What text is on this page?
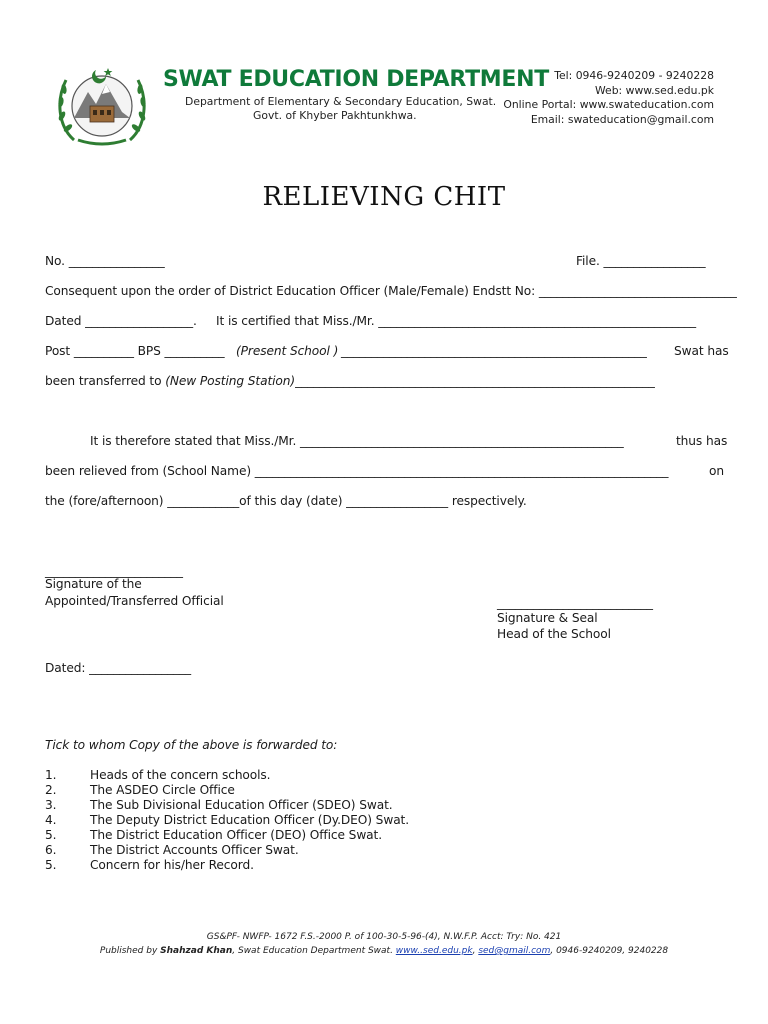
SWAT EDUCATION DEPARTMENT
Department of Elementary & Secondary Education, Swat.
Govt. of Khyber Pakhtunkhwa.
Tel: 0946-9240209 - 9240228
Web: www.sed.edu.pk
Online Portal: www.swateducation.com
Email: swateducation@gmail.com
RELIEVING CHIT
No. ________________	File. _________________
Consequent upon the order of District Education Officer (Male/Female) Endstt No: _________________________________
Dated __________________. It is certified that Miss./Mr. _____________________________________________________
Post __________ BPS __________ (Present School ) ___________________________________________________ Swat has
been transferred to (New Posting Station)____________________________________________________________
It is therefore stated that Miss./Mr. ______________________________________________________	thus has
been relieved from (School Name) _____________________________________________________________________	on
the (fore/afternoon) ____________of this day (date) _________________ respectively.
_______________________
Signature of the
Appointed/Transferred Official	__________________________
Signature & Seal
Head of the School
Dated: _________________
Tick to whom Copy of the above is forwarded to:
1.	Heads of the concern schools.
2.	The ASDEO Circle Office
3.	The Sub Divisional Education Officer (SDEO) Swat.
4.	The Deputy District Education Officer (Dy.DEO) Swat.
5.	The District Education Officer (DEO) Office Swat.
6.	The District Accounts Officer Swat.
5.	Concern for his/her Record.
GS&PF- NWFP- 1672 F.S.-2000 P. of 100-30-5-96-(4), N.W.F.P. Acct: Try: No. 421
Published by Shahzad Khan, Swat Education Department Swat. www..sed.edu.pk, sed@gmail.com, 0946-9240209, 9240228
